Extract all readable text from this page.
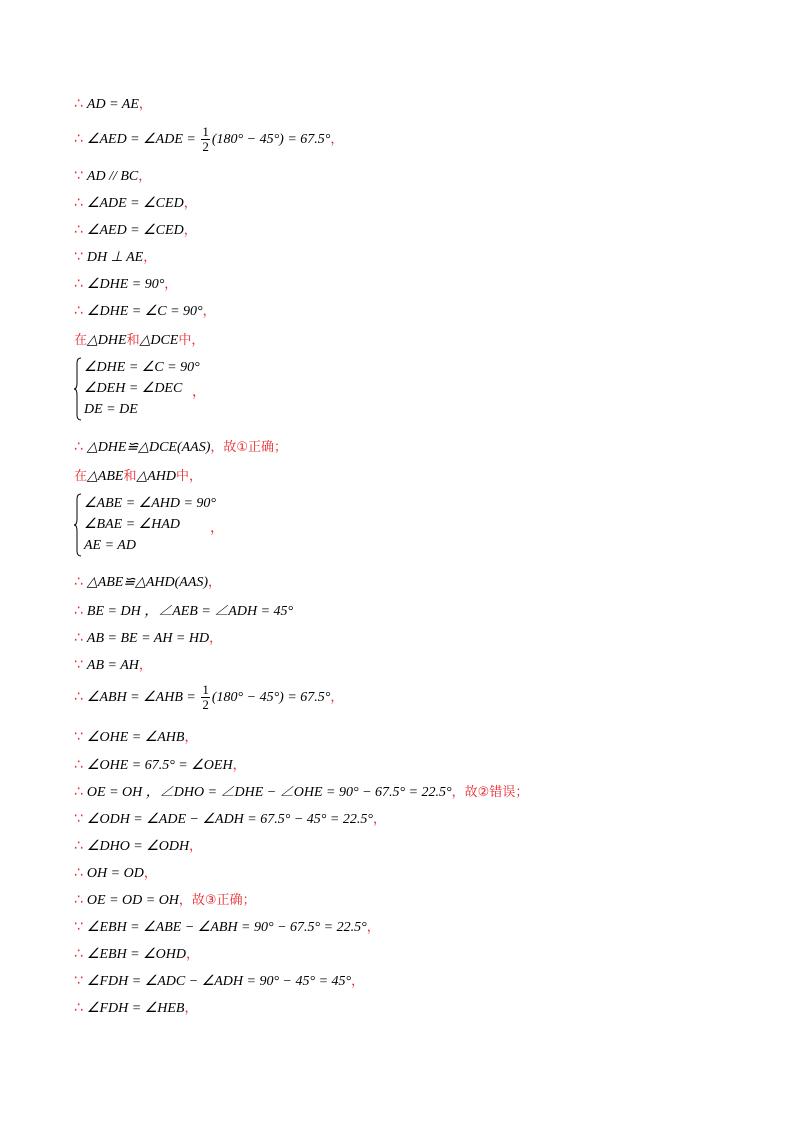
∴ AD = AE，
∴ ∠AED = ∠ADE = $\frac{1}{2} (180^\circ - 45^\circ) = 67.5^\circ$，
∵ AD // BC，
∴ ∠ADE = ∠CED，
∴ ∠AED = ∠CED，
∵ DH ⊥ AE，
∴ ∠DHE = 90°，
∴ ∠DHE = ∠C = 90°，
在△DHE和△DCE中，
∠DHE = ∠C = 90°
∠DEH = ∠DEC
DE = DE
，
∴ △DHE≌△DCE(AAS)，故①正确；
在△ABE和△AHD中，
∠ABE = ∠AHD = 90°
∠BAE = ∠HAD
AE = AD
，
∴ △ABE≌△AHD(AAS)，
∴ BE = DH ，∠AEB = ∠ADH = 45°
∴ AB = BE = AH = HD，
∵ AB = AH，
∴ ∠ABH = ∠AHB = $\frac{1}{2} (180^\circ - 45^\circ) = 67.5^\circ$，
∵ ∠OHE = ∠AHB，
∴ ∠OHE = 67.5° = ∠OEH，
∴ OE = OH ，∠DHO = ∠DHE − ∠OHE = 90° − 67.5° = 22.5°，故②错误；
∵ ∠ODH = ∠ADE − ∠ADH = 67.5° − 45° = 22.5°，
∴ ∠DHO = ∠ODH，
∴ OH = OD，
∴ OE = OD = OH，故③正确；
∵ ∠EBH = ∠ABE − ∠ABH = 90° − 67.5° = 22.5°，
∴ ∠EBH = ∠OHD，
∵ ∠FDH = ∠ADC − ∠ADH = 90° − 45° = 45°，
∴ ∠FDH = ∠HEB，
